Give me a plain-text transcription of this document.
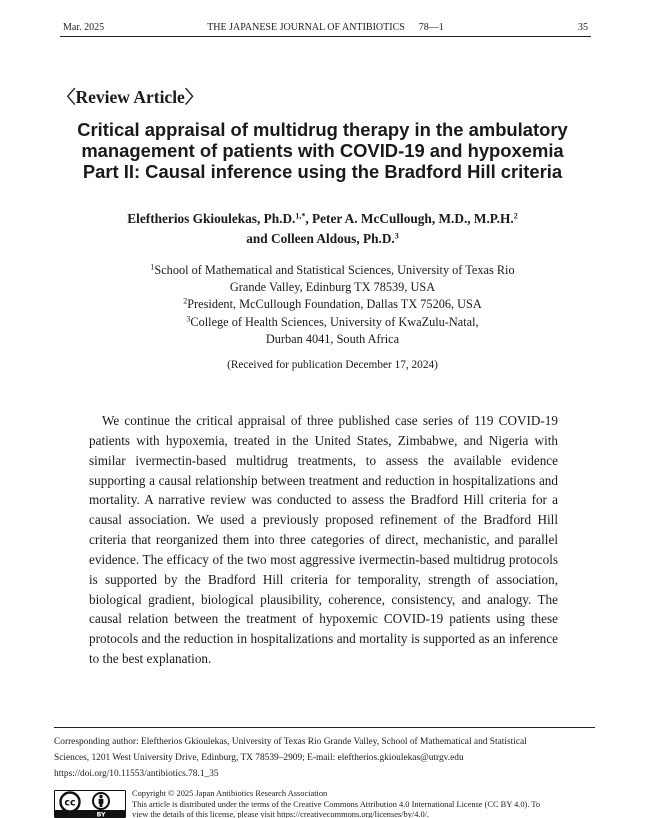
Mar. 2025	THE JAPANESE JOURNAL OF ANTIBIOTICS 78—1	35
〈Review Article〉
Critical appraisal of multidrug therapy in the ambulatory
management of patients with COVID-19 and hypoxemia
Part II: Causal inference using the Bradford Hill criteria
Eleftherios Gkioulekas, Ph.D.$^{1,*}$, Peter A. McCullough, M.D., M.P.H.$^2$
and Colleen Aldous, Ph.D.$^3$
$^1$School of Mathematical and Statistical Sciences, University of Texas Rio
Grande Valley, Edinburg TX 78539, USA
$^2$President, McCullough Foundation, Dallas TX 75206, USA
$^3$College of Health Sciences, University of KwaZulu-Natal,
Durban 4041, South Africa
(Received for publication December 17, 2024)
We continue the critical appraisal of three published case series of 119 COVID-19 patients with hypoxemia, treated in the United States, Zimbabwe, and Nigeria with similar ivermectin-based multidrug treatments, to assess the available evidence supporting a causal relationship between treatment and reduction in hospitalizations and mortality. A narrative review was conducted to assess the Bradford Hill criteria for a causal association. We used a previously proposed refinement of the Bradford Hill criteria that reorganized them into three categories of direct, mechanistic, and parallel evidence. The efficacy of the two most aggressive ivermectin-based multidrug protocols is supported by the Bradford Hill criteria for temporality, strength of association, biological gradient, biological plausibility, coherence, consistency, and analogy. The causal relation between the treatment of hypoxemic COVID-19 patients using these protocols and the reduction in hospitalizations and mortality is supported as an inference to the best explanation.
Corresponding author: Eleftherios Gkioulekas, University of Texas Rio Grande Valley, School of Mathematical and Statistical
Sciences, 1201 West University Drive, Edinburg, TX 78539–2909; E-mail: eleftherios.gkioulekas@utrgv.edu
https://doi.org/10.11553/antibiotics.78.1_35
cc
BY
Copyright © 2025 Japan Antibiotics Research Association
This article is distributed under the terms of the Creative Commons Attribution 4.0 International License (CC BY 4.0). To
view the details of this license, please visit https://creativecommons.org/licenses/by/4.0/.
